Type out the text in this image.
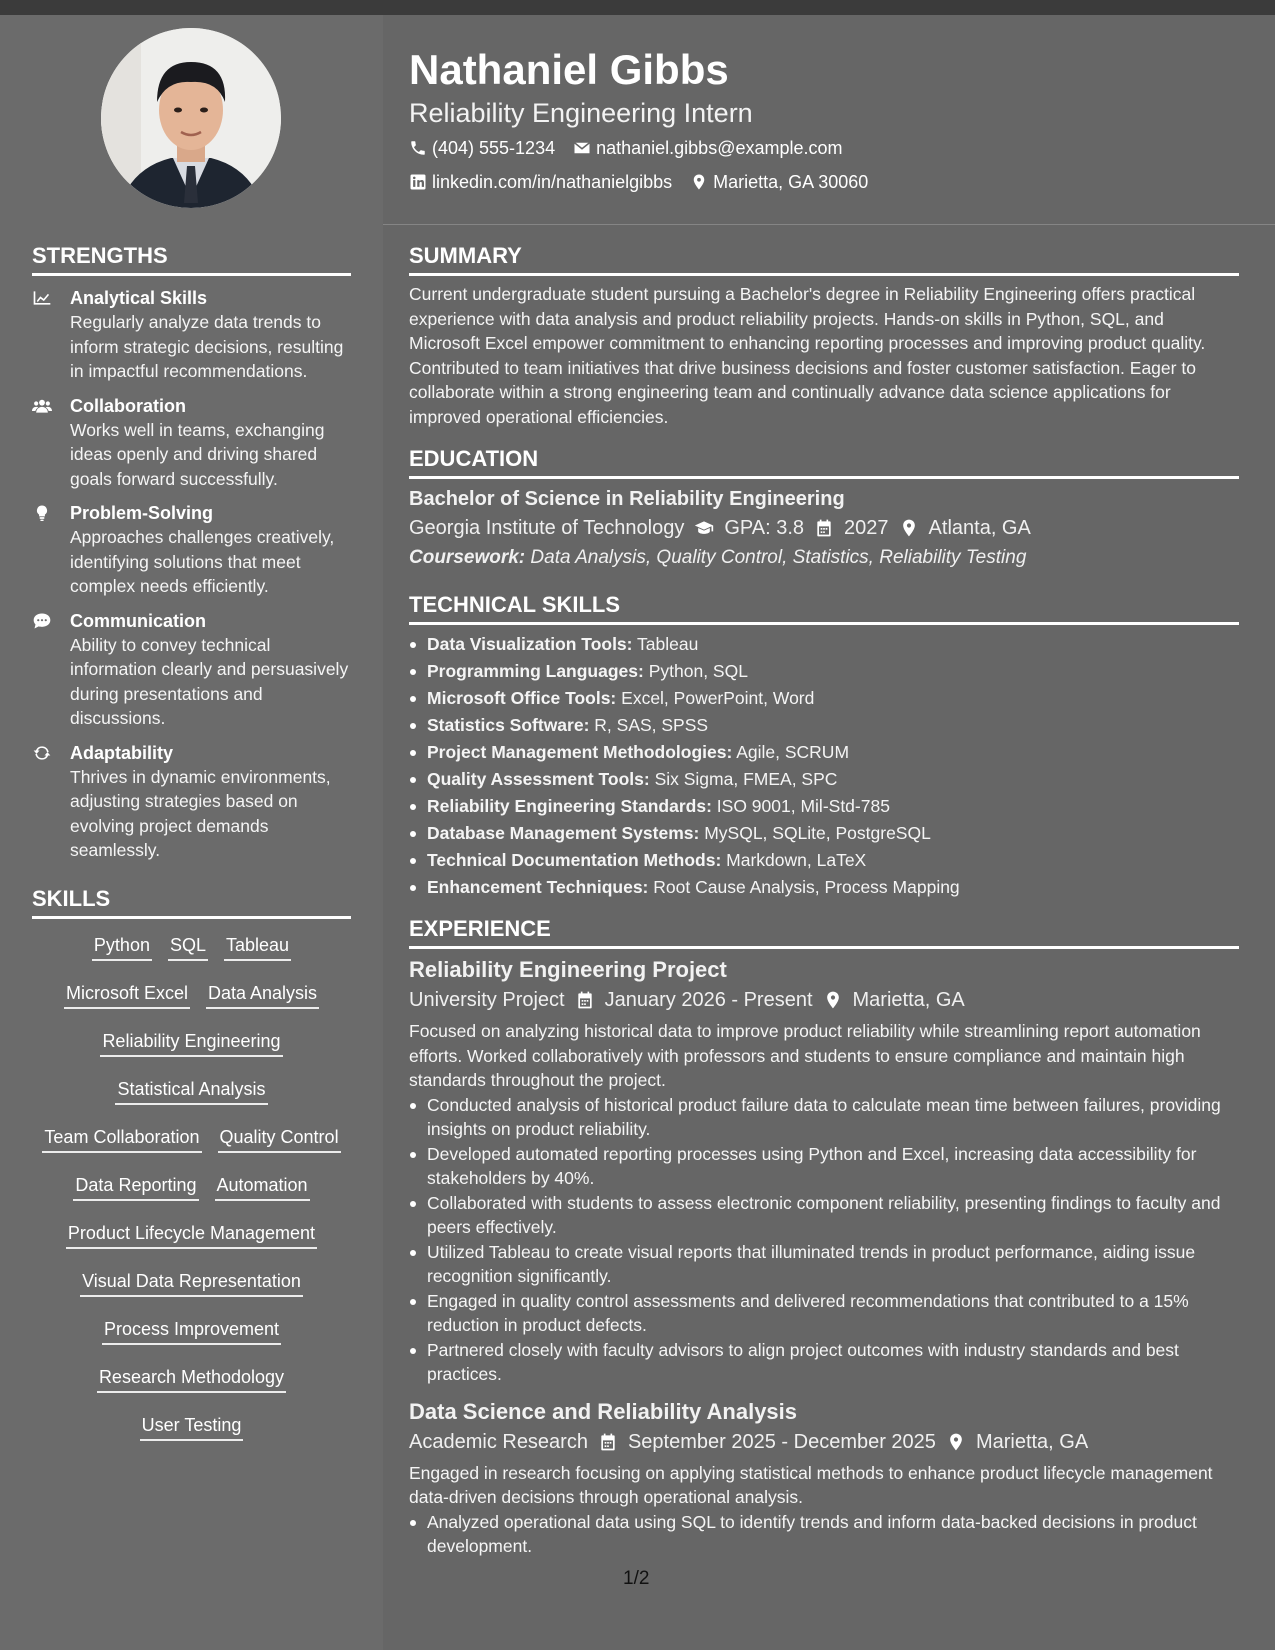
Nathaniel Gibbs
Reliability Engineering Intern
(404) 555-1234 nathaniel.gibbs@example.com
linkedin.com/in/nathanielgibbs Marietta, GA 30060
STRENGTHS
Analytical Skills
Regularly analyze data trends to inform strategic decisions, resulting in impactful recommendations.
Collaboration
Works well in teams, exchanging ideas openly and driving shared goals forward successfully.
Problem-Solving
Approaches challenges creatively, identifying solutions that meet complex needs efficiently.
Communication
Ability to convey technical information clearly and persuasively during presentations and discussions.
Adaptability
Thrives in dynamic environments, adjusting strategies based on evolving project demands seamlessly.
SKILLS
Python SQL Tableau
Microsoft Excel Data Analysis
Reliability Engineering
Statistical Analysis
Team Collaboration Quality Control
Data Reporting Automation
Product Lifecycle Management
Visual Data Representation
Process Improvement
Research Methodology
User Testing
SUMMARY
Current undergraduate student pursuing a Bachelor's degree in Reliability Engineering offers practical experience with data analysis and product reliability projects. Hands-on skills in Python, SQL, and Microsoft Excel empower commitment to enhancing reporting processes and improving product quality. Contributed to team initiatives that drive business decisions and foster customer satisfaction. Eager to collaborate within a strong engineering team and continually advance data science applications for improved operational efficiencies.
EDUCATION
Bachelor of Science in Reliability Engineering
Georgia Institute of Technology GPA: 3.8 2027 Atlanta, GA
Coursework: Data Analysis, Quality Control, Statistics, Reliability Testing
TECHNICAL SKILLS
Data Visualization Tools: Tableau
Programming Languages: Python, SQL
Microsoft Office Tools: Excel, PowerPoint, Word
Statistics Software: R, SAS, SPSS
Project Management Methodologies: Agile, SCRUM
Quality Assessment Tools: Six Sigma, FMEA, SPC
Reliability Engineering Standards: ISO 9001, Mil-Std-785
Database Management Systems: MySQL, SQLite, PostgreSQL
Technical Documentation Methods: Markdown, LaTeX
Enhancement Techniques: Root Cause Analysis, Process Mapping
EXPERIENCE
Reliability Engineering Project
University Project January 2026 - Present Marietta, GA
Focused on analyzing historical data to improve product reliability while streamlining report automation efforts. Worked collaboratively with professors and students to ensure compliance and maintain high standards throughout the project.
Conducted analysis of historical product failure data to calculate mean time between failures, providing insights on product reliability.
Developed automated reporting processes using Python and Excel, increasing data accessibility for stakeholders by 40%.
Collaborated with students to assess electronic component reliability, presenting findings to faculty and peers effectively.
Utilized Tableau to create visual reports that illuminated trends in product performance, aiding issue recognition significantly.
Engaged in quality control assessments and delivered recommendations that contributed to a 15% reduction in product defects.
Partnered closely with faculty advisors to align project outcomes with industry standards and best practices.
Data Science and Reliability Analysis
Academic Research September 2025 - December 2025 Marietta, GA
Engaged in research focusing on applying statistical methods to enhance product lifecycle management data-driven decisions through operational analysis.
Analyzed operational data using SQL to identify trends and inform data-backed decisions in product development.
1/2
